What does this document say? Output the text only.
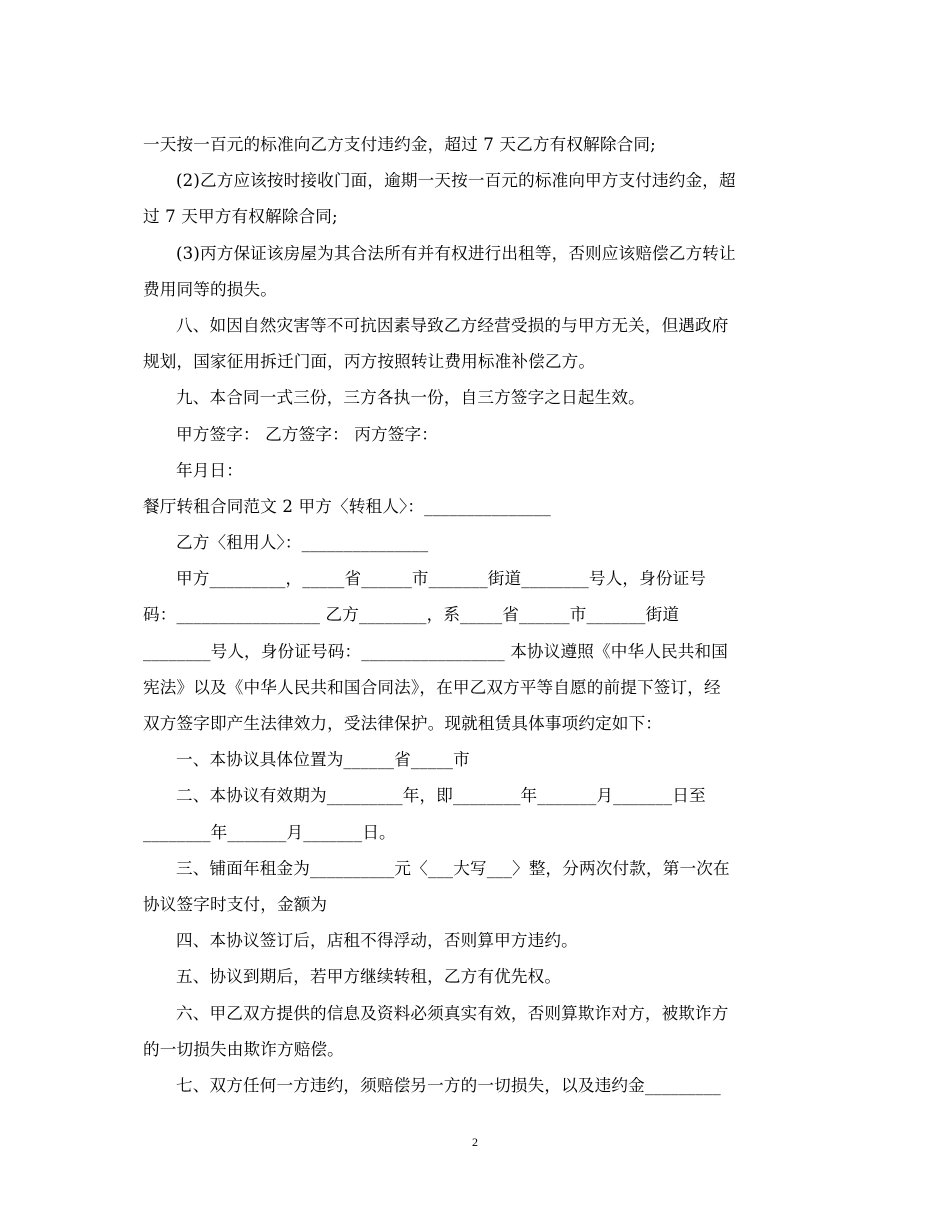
一天按一百元的标准向乙方支付违约金，超过 7 天乙方有权解除合同;
(2)乙方应该按时接收门面，逾期一天按一百元的标准向甲方支付违约金，超
过 7 天甲方有权解除合同;
(3)丙方保证该房屋为其合法所有并有权进行出租等，否则应该赔偿乙方转让
费用同等的损失。
八、如因自然灾害等不可抗因素导致乙方经营受损的与甲方无关，但遇政府
规划，国家征用拆迁门面，丙方按照转让费用标准补偿乙方。
九、本合同一式三份，三方各执一份，自三方签字之日起生效。
甲方签字： 乙方签字： 丙方签字：
年月日：
餐厅转租合同范文 2 甲方〈转租人〉：_______________
乙方〈租用人〉：_______________
甲方_________，_____省______市_______街道________号人，身份证号
码：_________________ 乙方________，系_____省______市_______街道
________号人，身份证号码：_________________ 本协议遵照《中华人民共和国
宪法》以及《中华人民共和国合同法》，在甲乙双方平等自愿的前提下签订，经
双方签字即产生法律效力，受法律保护。现就租赁具体事项约定如下：
一、本协议具体位置为______省_____市
二、本协议有效期为_________年，即________年_______月_______日至
________年_______月_______日。
三、铺面年租金为__________元〈___大写___〉整，分两次付款，第一次在
协议签字时支付，金额为
四、本协议签订后，店租不得浮动，否则算甲方违约。
五、协议到期后，若甲方继续转租，乙方有优先权。
六、甲乙双方提供的信息及资料必须真实有效，否则算欺诈对方，被欺诈方
的一切损失由欺诈方赔偿。
七、双方任何一方违约，须赔偿另一方的一切损失，以及违约金_________
2
